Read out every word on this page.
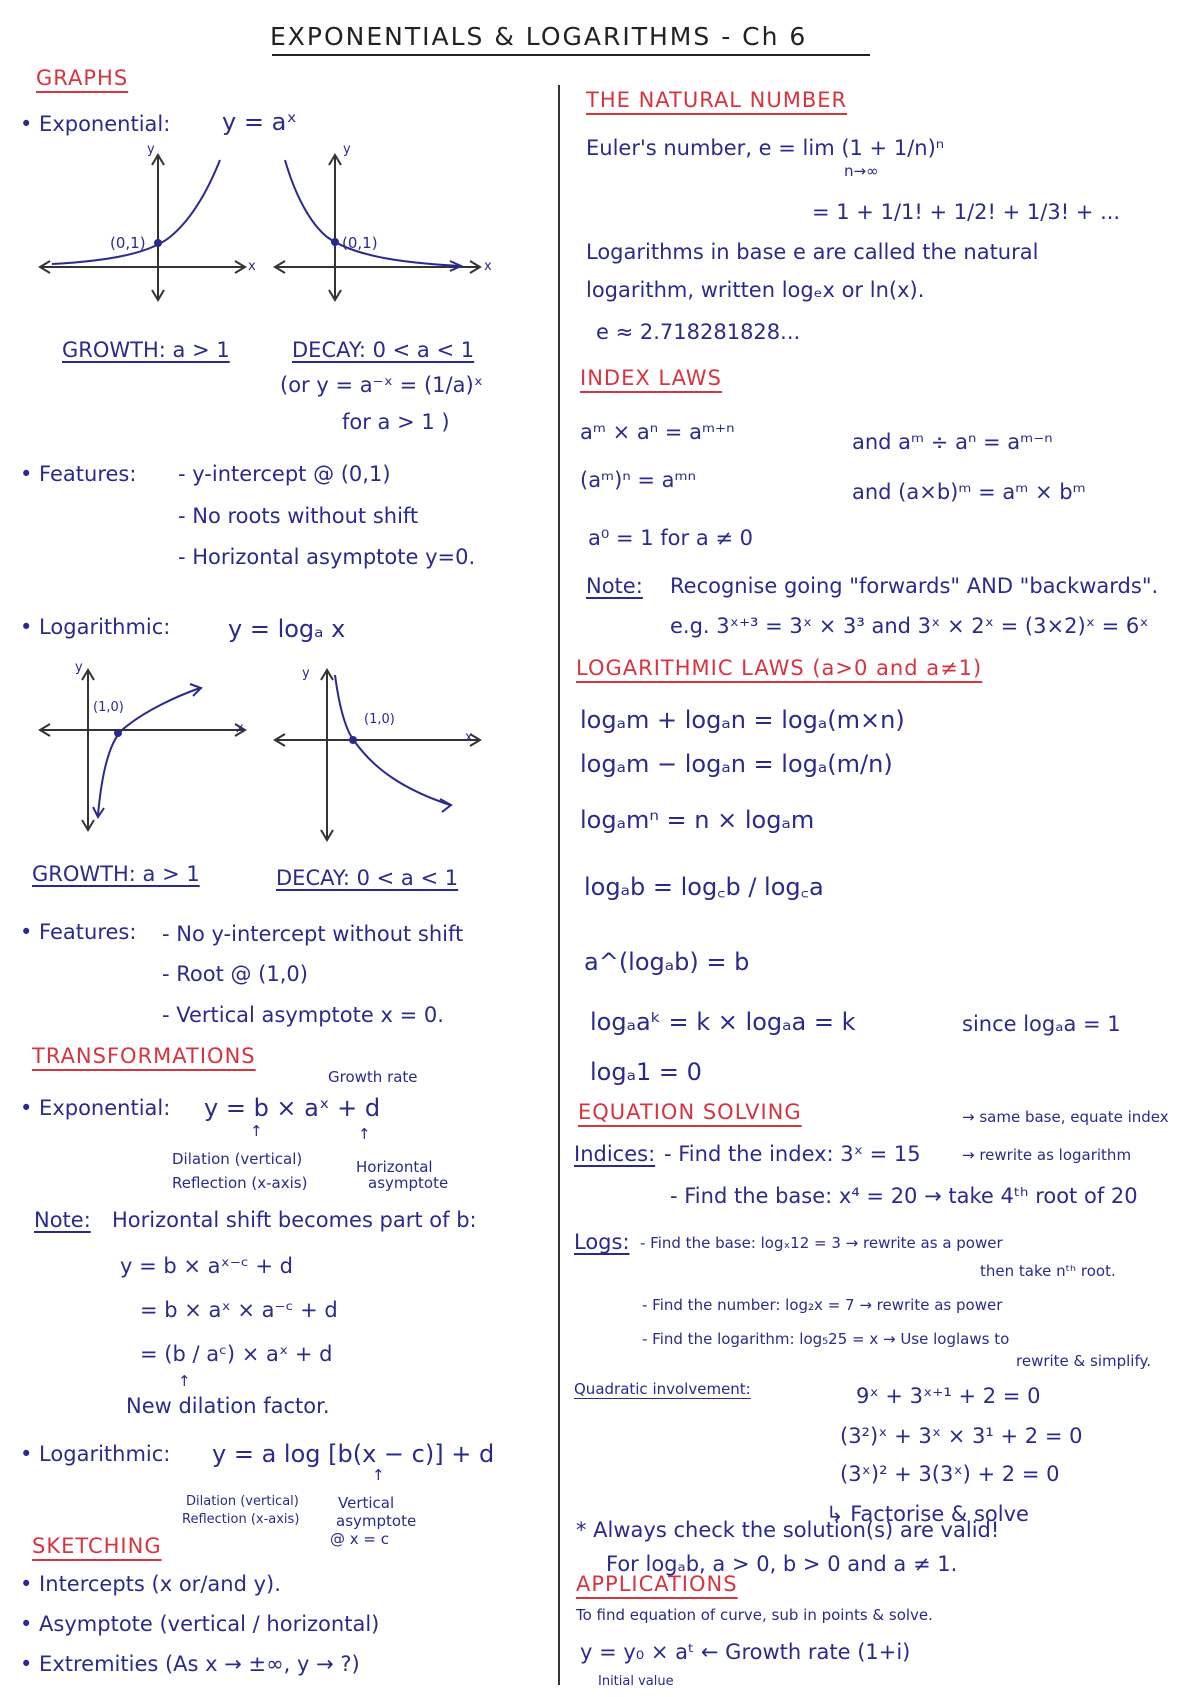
EXPONENTIALS & LOGARITHMS - Ch 6
GRAPHS
• Exponential: y = aˣ
y
x
(0,1)
y
x
(0,1)
GROWTH: a > 1	DECAY: 0 < a < 1
(or y = a⁻ˣ = (1/a)ˣ
for a > 1 )
• Features: - y-intercept @ (0,1)
- No roots without shift
- Horizontal asymptote y=0.
• Logarithmic: y = logₐ x
y
x
(1,0)
y
x
(1,0)
GROWTH: a > 1	DECAY: 0 < a < 1
• Features: - No y-intercept without shift
- Root @ (1,0)
- Vertical asymptote x = 0.
TRANSFORMATIONS
Growth rate
• Exponential: y = b × aˣ + d
Dilation (vertical)
Reflection (x-axis)
Horizontal
asymptote
↑	↑
Note: Horizontal shift becomes part of b:
y = b × aˣ⁻ᶜ + d
= b × aˣ × a⁻ᶜ + d
= (b / aᶜ) × aˣ + d
↑
New dilation factor.
• Logarithmic: y = a log [b(x − c)] + d
Dilation (vertical)
Reflection (x-axis)
Vertical
asymptote
@ x = c
↑
SKETCHING
• Intercepts (x or/and y).
• Asymptote (vertical / horizontal)
• Extremities (As x → ±∞, y → ?)
THE NATURAL NUMBER
Euler's number, e = lim (1 + 1/n)ⁿ
n→∞
= 1 + 1/1! + 1/2! + 1/3! + ...
Logarithms in base e are called the natural
logarithm, written logₑx or ln(x).
e ≈ 2.718281828...
INDEX LAWS
aᵐ × aⁿ = aᵐ⁺ⁿ	and aᵐ ÷ aⁿ = aᵐ⁻ⁿ
(aᵐ)ⁿ = aᵐⁿ	and (a×b)ᵐ = aᵐ × bᵐ
a⁰ = 1 for a ≠ 0
Note: Recognise going "forwards" AND "backwards".
e.g. 3ˣ⁺³ = 3ˣ × 3³ and 3ˣ × 2ˣ = (3×2)ˣ = 6ˣ
LOGARITHMIC LAWS (a>0 and a≠1)
logₐm + logₐn = logₐ(m×n)
logₐm − logₐn = logₐ(m/n)
logₐmⁿ = n × logₐm
logₐb = log꜀b / log꜀a
a^(logₐb) = b
logₐaᵏ = k × logₐa = k	since logₐa = 1
logₐ1 = 0
EQUATION SOLVING	→ same base, equate index
Indices: - Find the index: 3ˣ = 15	→ rewrite as logarithm
- Find the base: x⁴ = 20 → take 4ᵗʰ root of 20
Logs: - Find the base: logₓ12 = 3 → rewrite as a power
then take nᵗʰ root.
- Find the number: log₂x = 7 → rewrite as power
- Find the logarithm: log₅25 = x → Use loglaws to
rewrite & simplify.
Quadratic involvement:	9ˣ + 3ˣ⁺¹ + 2 = 0
(3²)ˣ + 3ˣ × 3¹ + 2 = 0
(3ˣ)² + 3(3ˣ) + 2 = 0
↳ Factorise & solve
* Always check the solution(s) are valid!
For logₐb, a > 0, b > 0 and a ≠ 1.
APPLICATIONS
To find equation of curve, sub in points & solve.
y = y₀ × aᵗ ← Growth rate (1+i)
Initial value
